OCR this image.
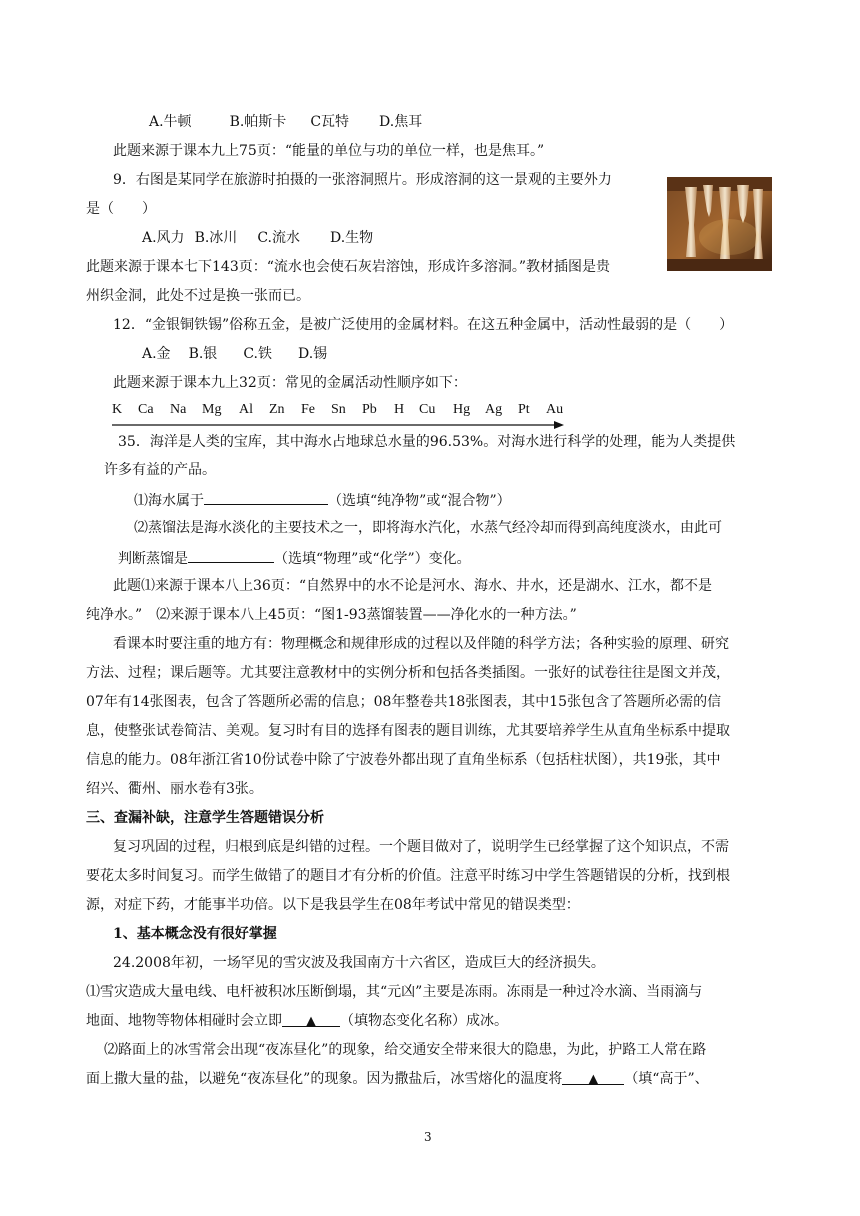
A.牛顿	B.帕斯卡 C瓦特 D.焦耳
此题来源于课本九上75页：“能量的单位与功的单位一样，也是焦耳。”
9．右图是某同学在旅游时拍摄的一张溶洞照片。形成溶洞的这一景观的主要外力
是（　　）
A.风力 B.冰川 C.流水 D.生物
此题来源于课本七下143页：“流水也会使石灰岩溶蚀，形成许多溶洞。”教材插图是贵
州织金洞，此处不过是换一张而已。
12．“金银铜铁锡”俗称五金，是被广泛使用的金属材料。在这五种金属中，活动性最弱的是（　　）
A.金 B.银 C.铁 D.锡
此题来源于课本九上32页：常见的金属活动性顺序如下：
K Ca Na Mg Al Zn Fe Sn Pb H Cu Hg Ag Pt Au
35．海洋是人类的宝库，其中海水占地球总水量的96.53%。对海水进行科学的处理，能为人类提供
许多有益的产品。
⑴海水属于	（选填“纯净物”或“混合物”）
⑵蒸馏法是海水淡化的主要技术之一，即将海水汽化，水蒸气经冷却而得到高纯度淡水，由此可
判断蒸馏是	（选填“物理”或“化学”）变化。
此题⑴来源于课本八上36页：“自然界中的水不论是河水、海水、井水，还是湖水、江水，都不是
纯净水。”　⑵来源于课本八上45页：“图1-93蒸馏装置——净化水的一种方法。”
看课本时要注重的地方有：物理概念和规律形成的过程以及伴随的科学方法；各种实验的原理、研究
方法、过程；课后题等。尤其要注意教材中的实例分析和包括各类插图。一张好的试卷往往是图文并茂，
07年有14张图表，包含了答题所必需的信息；08年整卷共18张图表，其中15张包含了答题所必需的信
息，使整张试卷简洁、美观。复习时有目的选择有图表的题目训练，尤其要培养学生从直角坐标系中提取
信息的能力。08年浙江省10份试卷中除了宁波卷外都出现了直角坐标系（包括柱状图），共19张，其中
绍兴、衢州、丽水卷有3张。
三、查漏补缺，注意学生答题错误分析
复习巩固的过程，归根到底是纠错的过程。一个题目做对了，说明学生已经掌握了这个知识点，不需
要花太多时间复习。而学生做错了的题目才有分析的价值。注意平时练习中学生答题错误的分析，找到根
源，对症下药，才能事半功倍。以下是我县学生在08年考试中常见的错误类型：
1、基本概念没有很好掌握
24.2008年初，一场罕见的雪灾波及我国南方十六省区，造成巨大的经济损失。
⑴雪灾造成大量电线、电杆被积冰压断倒塌，其“元凶”主要是冻雨。冻雨是一种过冷水滴、当雨滴与
地面、地物等物体相碰时会立即 ▲ （填物态变化名称）成冰。
⑵路面上的冰雪常会出现“夜冻昼化”的现象，给交通安全带来很大的隐患，为此，护路工人常在路
面上撒大量的盐，以避免“夜冻昼化”的现象。因为撒盐后，冰雪熔化的温度将 ▲ （填“高于”、
3
